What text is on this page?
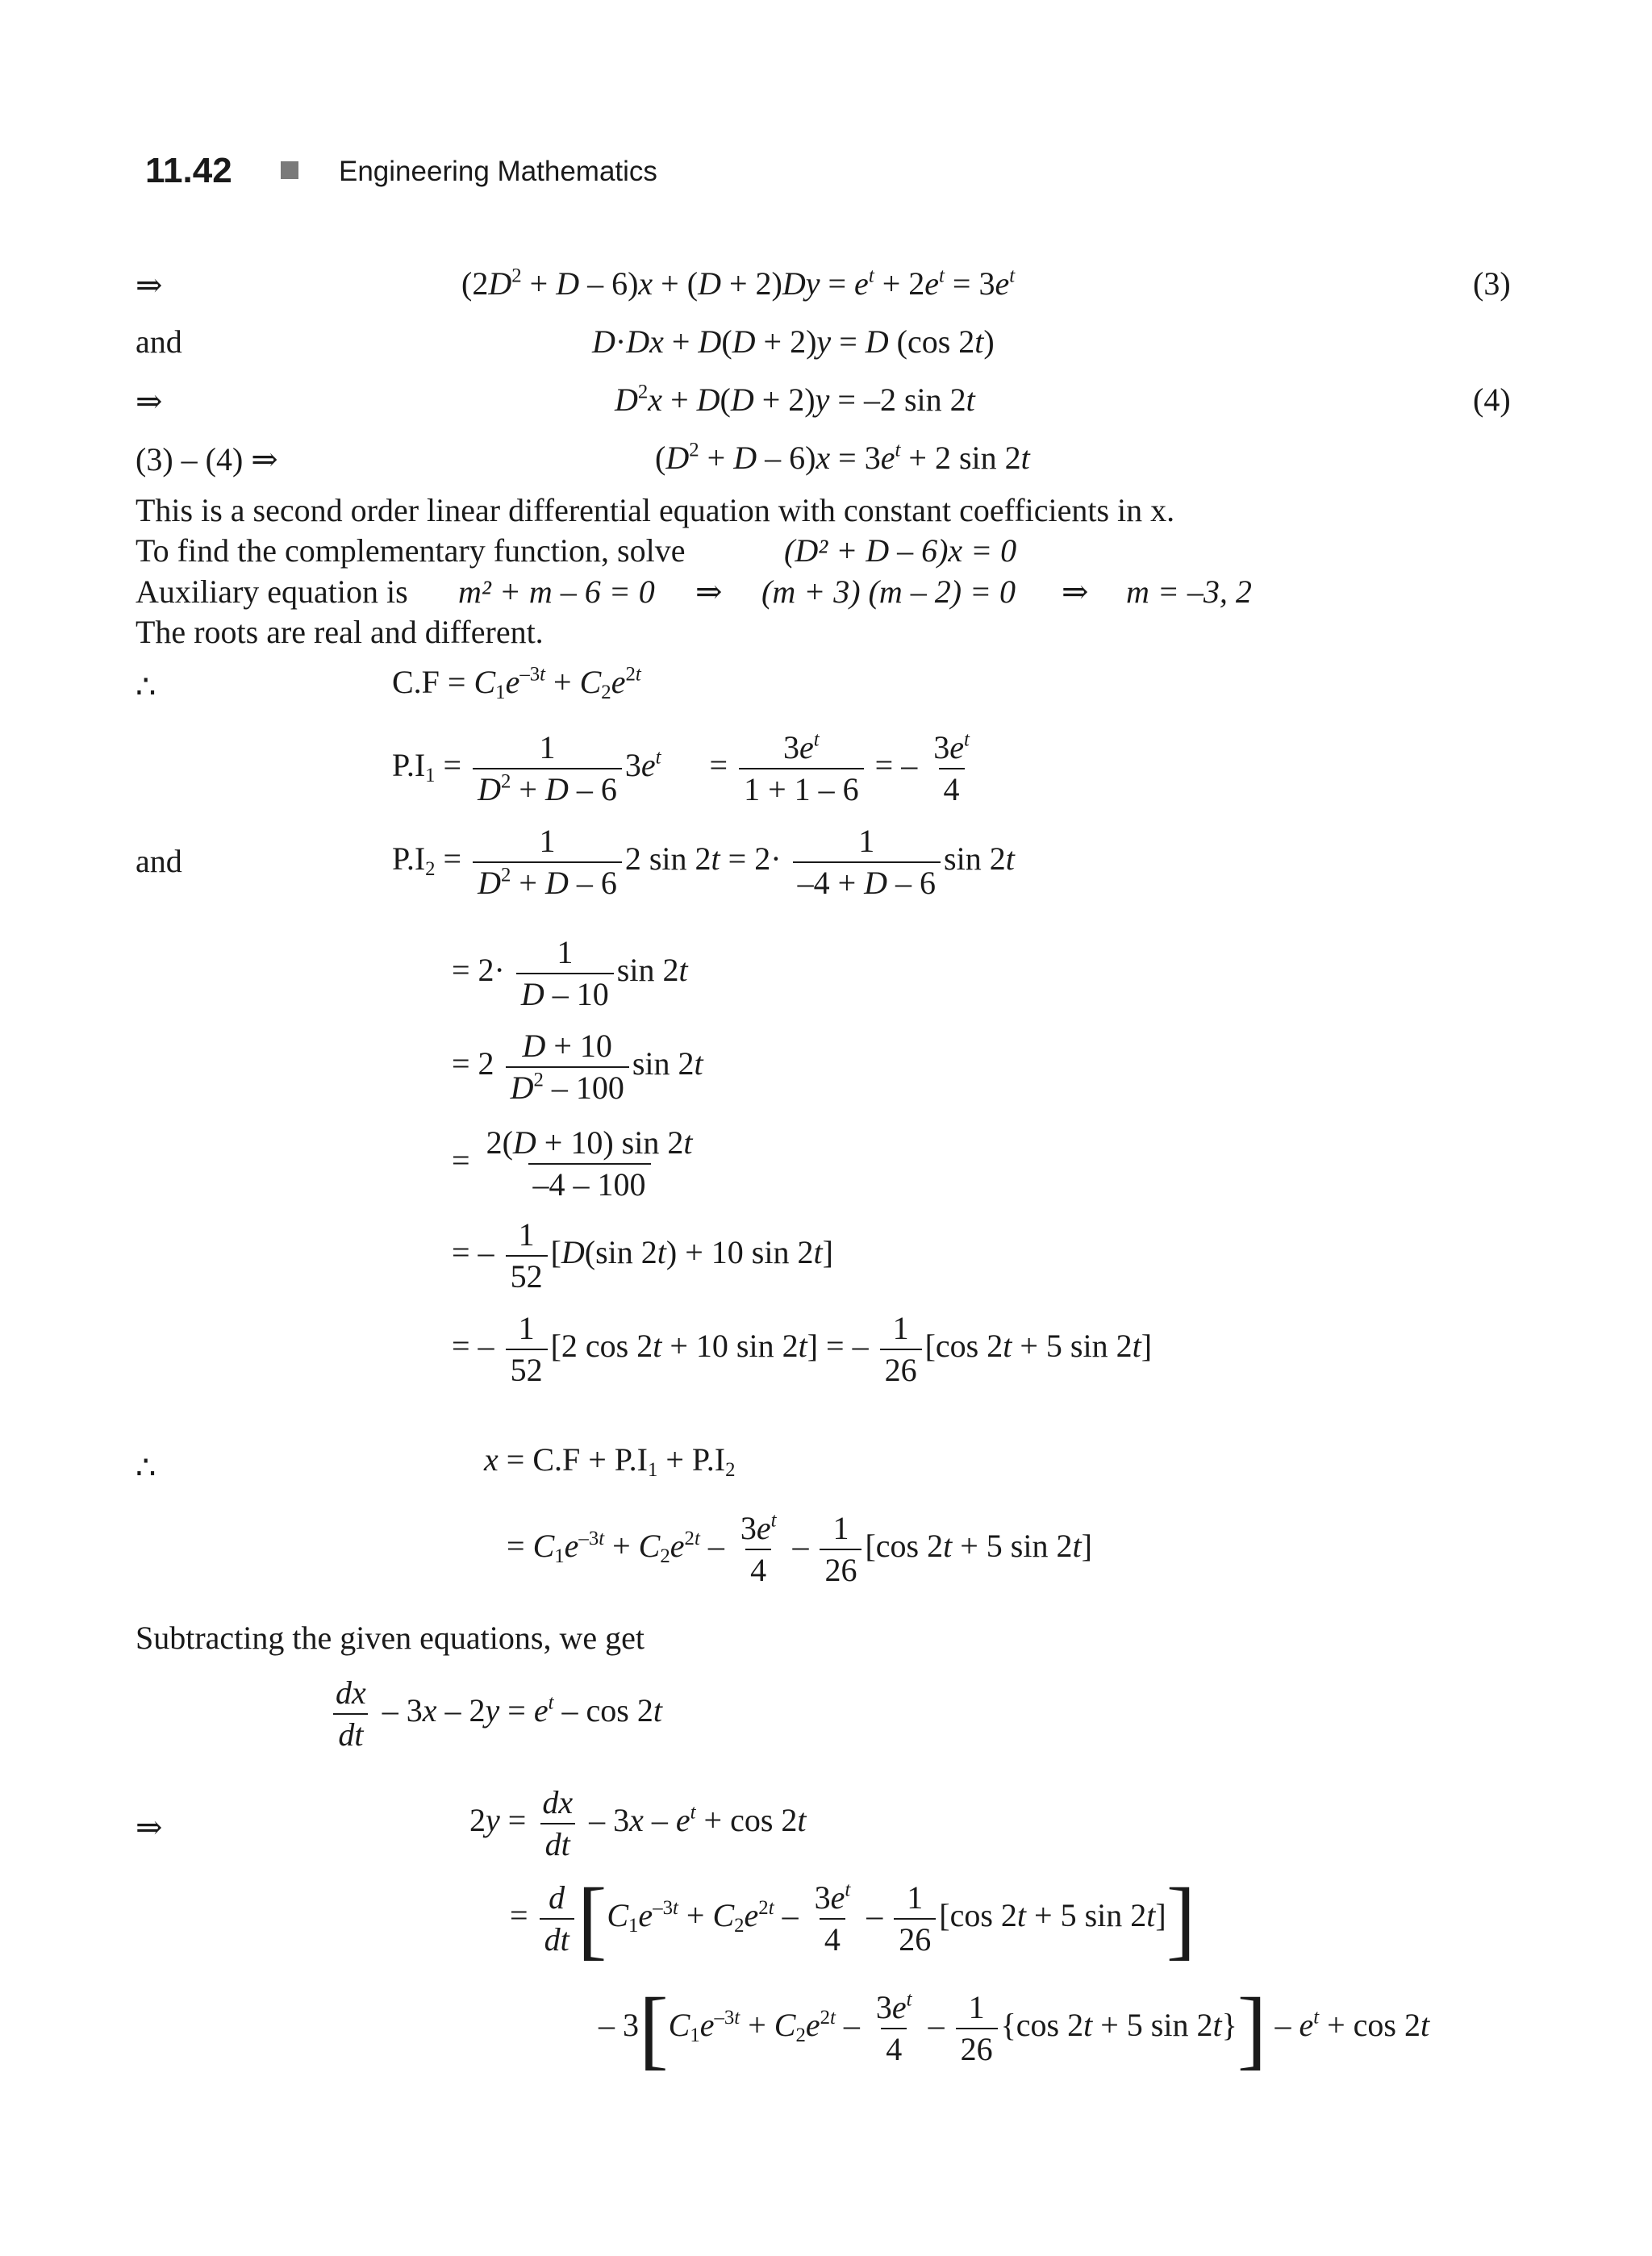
11.42	Engineering Mathematics
⇒	$(2D^2 + D - 6)x + (D + 2)Dy = e^t + 2e^t = 3e^t$	(3)
and	D·Dx + D(D + 2)y = D (cos 2t)
⇒	$D^2x + D(D + 2)y = -2$ sin 2t	(4)
(3) – (4) ⇒	$(D^2 + D - 6)x = 3e^t + 2$ sin 2t
This is a second order linear differential equation with constant coefficients in x.
To find the complementary function, solve	(D² + D – 6)x = 0
Auxiliary equation is m² + m – 6 = 0 ⇒ (m + 3) (m – 2) = 0 ⇒ m = –3, 2
The roots are real and different.
∴	$C.F = C_1e^{-3t} + C_2e^{2t}$
$P.I_1 = \frac{1}{D^2 + D - 6} 3e^t$      = $\frac{3e^t}{1 + 1 - 6}$ = – $\frac{3e^t}{4}$
and	$P.I_2 = \frac{1}{D^2 + D - 6} 2$ $\sin 2t = 2\cdot \frac{1}{-4 + D - 6}$ sin 2t
= $2\cdot \frac{1}{D - 10}$ sin 2t
= $2 \frac{D + 10}{D^2 - 100}$ sin 2t
= $\frac{2(D + 10) \sin 2t}{-4 - 100}$
= – $\frac{1}{52} [D(\sin$ 2t) + 10 sin 2t]
= – $\frac{1}{52} [2$ cos 2t + 10 sin 2t] = – $\frac{1}{26} [\cos$ 2t + 5 sin 2t]
∴	$x = C.F + P.I_1 + P.I_2$
= $C_1e^{-3t} + C_2e^{2t} - \frac{3e^t}{4} - \frac{1}{26} [\cos$ 2t + 5 sin 2t]
Subtracting the given equations, we get
$\frac{dx}{dt} - 3x - 2y = e^t - \cos 2t$
⇒	$2y = \frac{dx}{dt} - 3x - e^t + \cos 2t$
= $\frac{d}{dt} [C_1e^{-3t} + C_2e^{2t} - \frac{3e^t}{4} - \frac{1}{26} [\cos$ 2t + 5 sin 2t]]
– $3[C_1e^{-3t} + C_2e^{2t} - \frac{3e^t}{4} - \frac{1}{26} \{\cos$ 2t + 5 $\sin 2t\}] - e^t + \cos 2t$
